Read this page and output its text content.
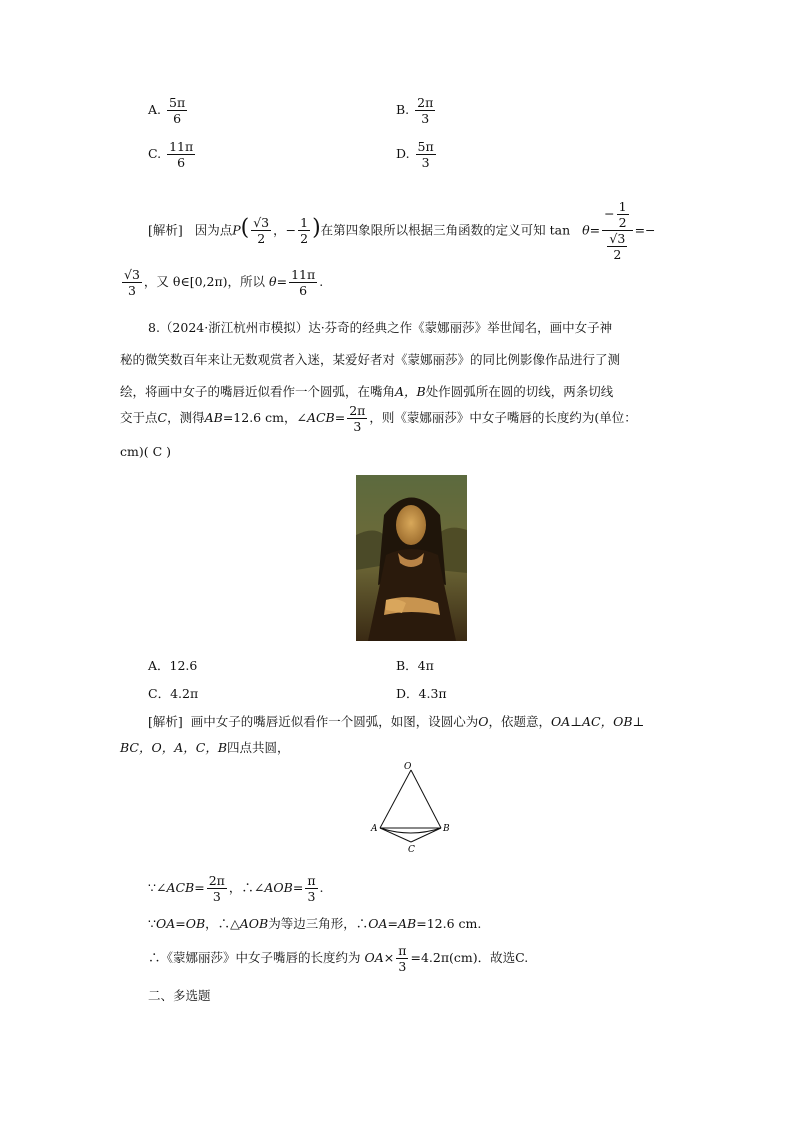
A. $\frac{5\pi}{6}$	B. $\frac{2\pi}{3}$
C. $\frac{11\pi}{6}$	D. $\frac{5\pi}{3}$
[解析] 因为点$P( \frac{√3}{2}$ ，− $\frac{1}{2}$ )在第四象限所以根据三角函数的定义可知 $\tan \theta= \frac{- \frac{1}{2}}{\frac{√3}{2}}$ =−
$\frac{√3}{3}$ ，又 θ∈[0,2π)，所以 $\theta= \frac{11\pi}{6}$ .
8.（2024·浙江杭州市模拟）达·芬奇的经典之作《蒙娜丽莎》举世闻名，画中女子神
秘的微笑数百年来让无数观赏者入迷，某爱好者对《蒙娜丽莎》的同比例影像作品进行了测
绘，将画中女子的嘴唇近似看作一个圆弧，在嘴角A，B处作圆弧所在圆的切线，两条切线
交于点C，测得AB=12.6 cm，∠ACB= $\frac{2\pi}{3}$ ，则《蒙娜丽莎》中女子嘴唇的长度约为(单位：
cm)( C )
A．12.6	B．4π
C．4.2π	D．4.3π
[解析] 画中女子的嘴唇近似看作一个圆弧，如图，设圆心为O，依题意，OA⊥AC，OB⊥
BC，O，A，C，B四点共圆，
O
A	B
C
∵∠ACB= $\frac{2\pi}{3}$ ，∴∠AOB= $\frac{\pi}{3}$ .
∵OA=OB，∴△AOB为等边三角形，∴OA=AB=12.6 cm.
∴《蒙娜丽莎》中女子嘴唇的长度约为 $OA\times \frac{\pi}{3} =4.2\pi(cm)$．故选C.
二、多选题
